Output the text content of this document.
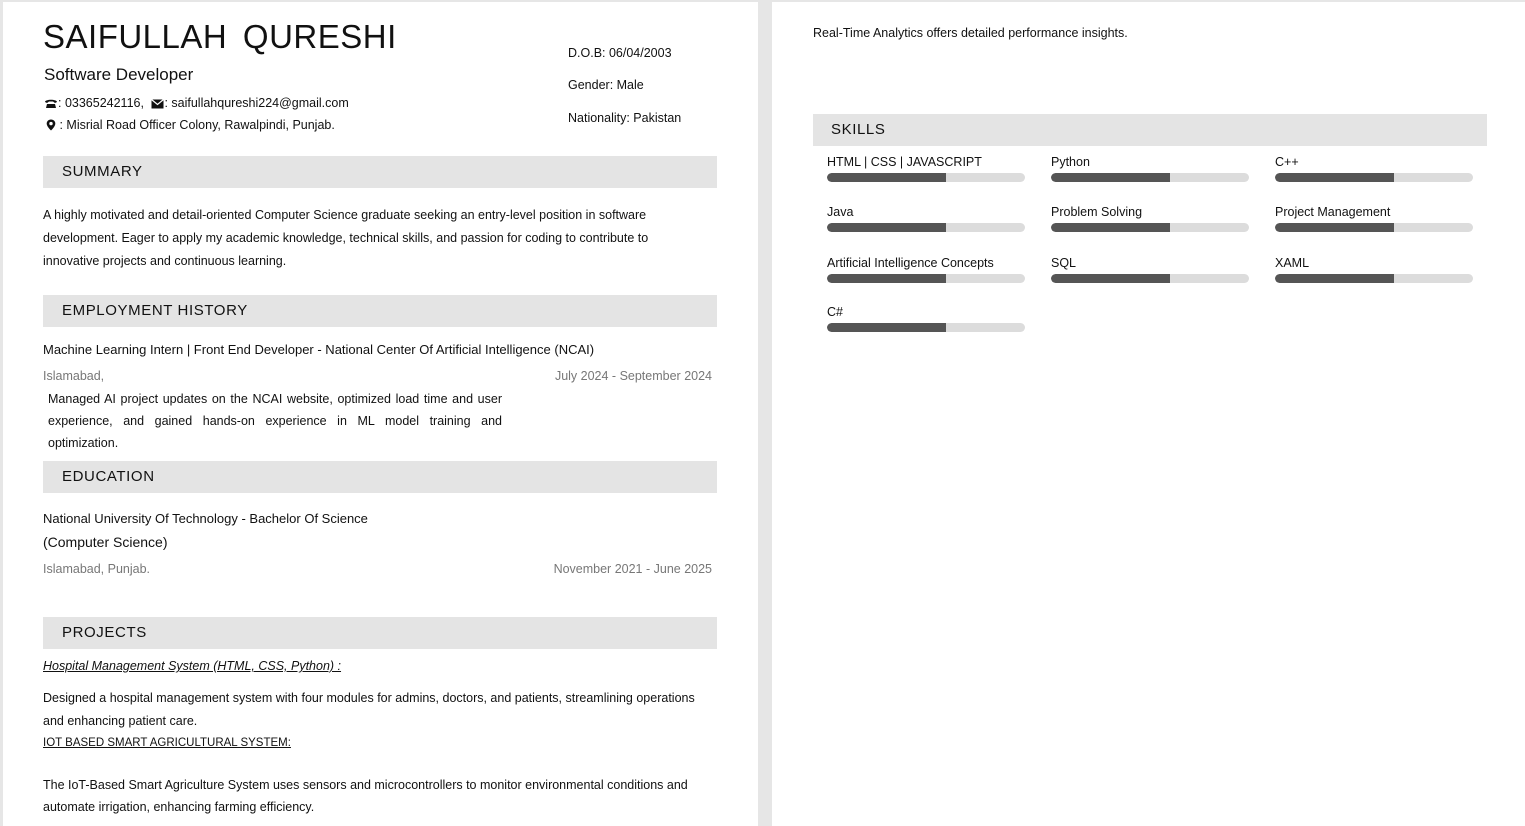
SAIFULLAH QURESHI
Software Developer
: 03365242116, : saifullahqureshi224@gmail.com
: Misrial Road Officer Colony, Rawalpindi, Punjab.
D.O.B: 06/04/2003
Gender: Male
Nationality: Pakistan
SUMMARY
A highly motivated and detail-oriented Computer Science graduate seeking an entry-level position in software development. Eager to apply my academic knowledge, technical skills, and passion for coding to contribute to innovative projects and continuous learning.
EMPLOYMENT HISTORY
Machine Learning Intern | Front End Developer - National Center Of Artificial Intelligence (NCAI)
Islamabad,	July 2024 - September 2024
Managed AI project updates on the NCAI website, optimized load time and user experience, and gained hands-on experience in ML model training and optimization.
EDUCATION
National University Of Technology - Bachelor Of Science
(Computer Science)
Islamabad, Punjab.	November 2021 - June 2025
PROJECTS
Hospital Management System (HTML, CSS, Python) :
Designed a hospital management system with four modules for admins, doctors, and patients, streamlining operations and enhancing patient care.
IOT BASED SMART AGRICULTURAL SYSTEM:
The IoT-Based Smart Agriculture System uses sensors and microcontrollers to monitor environmental conditions and automate irrigation, enhancing farming efficiency.
Real-Time Analytics offers detailed performance insights.
SKILLS
HTML | CSS | JAVASCRIPT	Python	C++
Java	Problem Solving	Project Management
Artificial Intelligence Concepts	SQL	XAML
C#
